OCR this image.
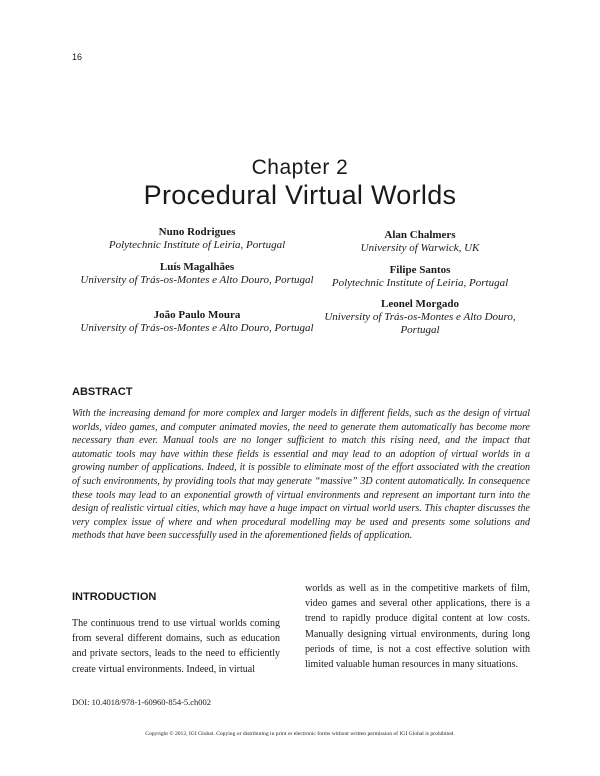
16
Chapter 2
Procedural Virtual Worlds
Nuno Rodrigues
Polytechnic Institute of Leiria, Portugal
Luís Magalhães
University of Trás-os-Montes e Alto Douro, Portugal
João Paulo Moura
University of Trás-os-Montes e Alto Douro, Portugal
Alan Chalmers
University of Warwick, UK
Filipe Santos
Polytechnic Institute of Leiria, Portugal
Leonel Morgado
University of Trás-os-Montes e Alto Douro, Portugal
ABSTRACT
With the increasing demand for more complex and larger models in different fields, such as the design of virtual worlds, video games, and computer animated movies, the need to generate them automatically has become more necessary than ever. Manual tools are no longer sufficient to match this rising need, and the impact that automatic tools may have within these fields is essential and may lead to an adoption of virtual worlds in a growing number of applications. Indeed, it is possible to eliminate most of the effort associated with the creation of such environments, by providing tools that may generate “massive” 3D content automatically. In consequence these tools may lead to an exponential growth of virtual environments and represent an important turn into the design of realistic virtual cities, which may have a huge impact on virtual world users. This chapter discusses the very complex issue of where and when procedural modelling may be used and presents some solutions and methods that have been successfully used in the aforementioned fields of application.
INTRODUCTION
The continuous trend to use virtual worlds coming from several different domains, such as education and private sectors, leads to the need to efficiently create virtual environments. Indeed, in virtual
worlds as well as in the competitive markets of film, video games and several other applications, there is a trend to rapidly produce digital content at low costs. Manually designing virtual environments, during long periods of time, is not a cost effective solution with limited valuable human resources in many situations.
DOI: 10.4018/978-1-60960-854-5.ch002
Copyright © 2012, IGI Global. Copying or distributing in print or electronic forms without written permission of IGI Global is prohibited.
